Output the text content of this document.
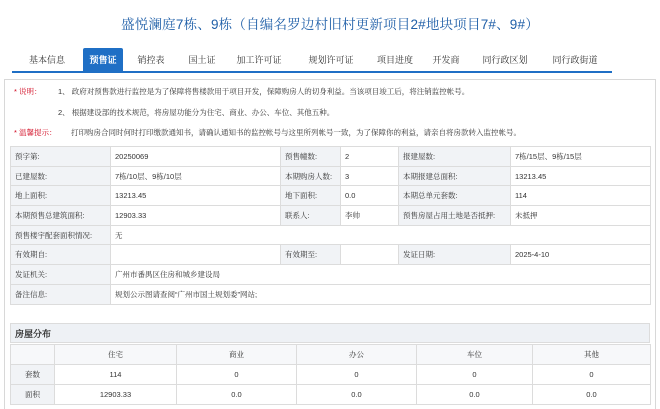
盛悦澜庭7栋、9栋（自编名罗边村旧村更新项目2#地块项目7#、9#）
基本信息	预售证	销控表	国土证	加工许可证	规划许可证	项目进度	开发商	同行政区划	同行政街道
* 说明： 1、 政府对预售款进行监控是为了保障将售楼款用于项目开发，保障购房人的切身利益。当该项目竣工后，将注销监控帐号。
2、 根据建设部的技术规范，将房屋功能分为住宅、商业、办公、车位、其他五种。
* 温馨提示： 打印购房合同时何时打印缴款通知书，请确认通知书的监控帐号与这里所列帐号一致，为了保障你的利益，请亲自将房款转入监控帐号。
预字第:	20250069	预售幢数:	2	报建屋数:	7栋/15层、9栋/15层
已建屋数:	7栋/10层、9栋/10层	本期购房人数:	3	本期报建总面积:	13213.45
地上面积:	13213.45	地下面积:	0.0	本期总单元套数:	114
本期预售总建筑面积:	12903.33	联系人:	李帅	预售房屋占用土地是否抵押:	未抵押
预售楼宇配套面积情况:	无				
有效期自:		有效期至:		发证日期:	2025-4-10
发证机关:	广州市番禺区住房和城乡建设局				
备注信息:	规划公示图请查阅“广州市国土规划委”网站;				
房屋分布
	住宅	商业	办公	车位	其他
套数	114	0	0	0	0
面积	12903.33	0.0	0.0	0.0	0.0
